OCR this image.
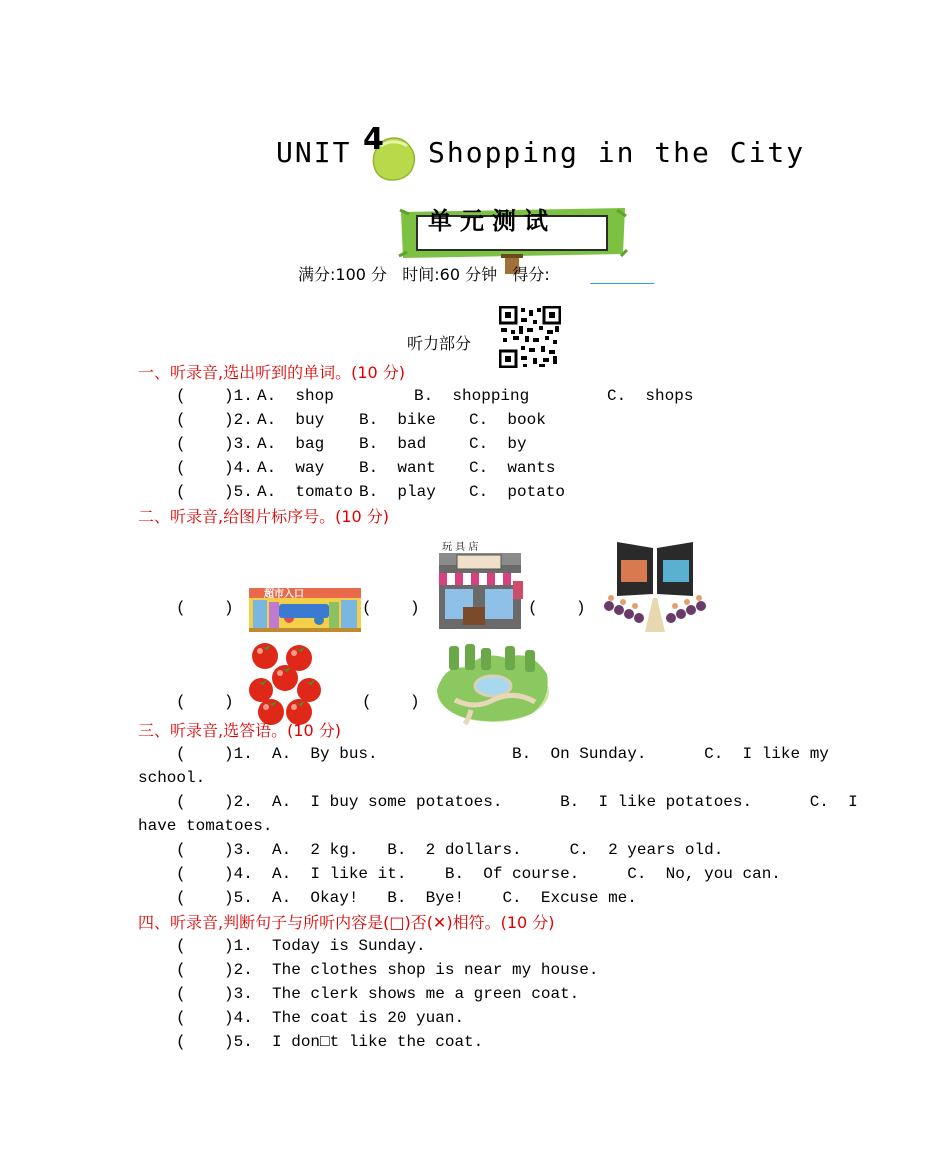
UNIT

4 Shopping in the City

单元测试

满分:100 分   时间:60 分钟   得分:

听力部分
一、听录音,选出听到的单词。(10 分)
(    )1. A.  shop	B.  shopping	C.  shops
(    )2. A.  buy B.  bike C.  book
(    )3. A.  bag B.  bad	C.  by
(    )4. A.  way B.  want C.  wants
(    )5. A.  tomato B.  play C.  potato
二、听录音,给图片标序号。(10 分)
(    )

超市入口

(    )

玩 具 店

(    )

(    )

	(    )

三、听录音,选答语。(10 分)
(    )1.  A.  By bus.              B.  On Sunday.      C.  I like my
school.
(    )2.  A.  I buy some potatoes.      B.  I like potatoes.      C.  I
have tomatoes.
(    )3.  A.  2 kg.   B.  2 dollars.     C.  2 years old.
(    )4.  A.  I like it.    B.  Of course.     C.  No, you can.
(    )5.  A.  Okay!   B.  Bye!    C.  Excuse me.
四、听录音,判断句子与所听内容是(□)否(✕)相符。(10 分)
(    )1.  Today is Sunday.
(    )2.  The clothes shop is near my house.
(    )3.  The clerk shows me a green coat.
(    )4.  The coat is 20 yuan.
(    )5.  I don□t like the coat.
